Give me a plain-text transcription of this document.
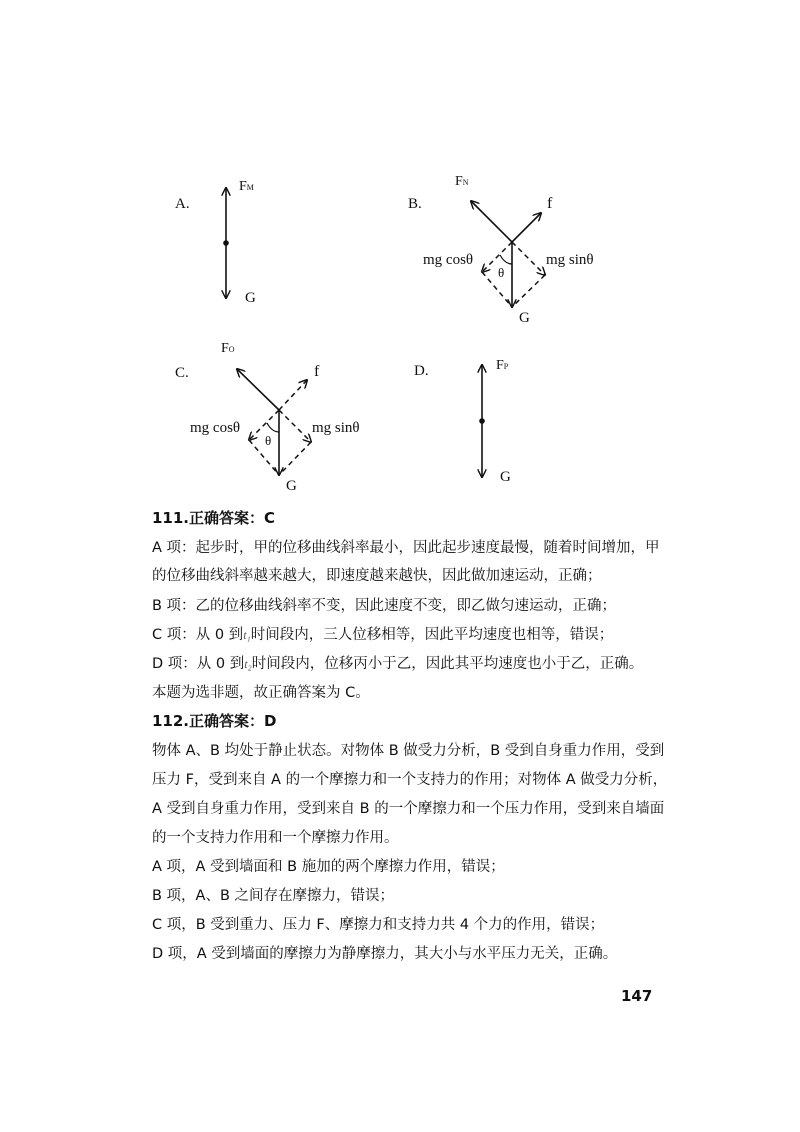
A.
FM
G
B.
FN
f
mg cosθ	mg sinθ
θ
G
C.
FO
f
mg cosθ	mg sinθ
θ
G
D.	FP
G
111.正确答案：C
A 项：起步时，甲的位移曲线斜率最小，因此起步速度最慢，随着时间增加，甲
的位移曲线斜率越来越大，即速度越来越快，因此做加速运动，正确；
B 项：乙的位移曲线斜率不变，因此速度不变，即乙做匀速运动，正确；
C 项：从 0 到t₁时间段内，三人位移相等，因此平均速度也相等，错误；
D 项：从 0 到t₂时间段内，位移丙小于乙，因此其平均速度也小于乙，正确。
本题为选非题，故正确答案为 C。
112.正确答案：D
物体 A、B 均处于静止状态。对物体 B 做受力分析，B 受到自身重力作用，受到
压力 F，受到来自 A 的一个摩擦力和一个支持力的作用；对物体 A 做受力分析，
A 受到自身重力作用，受到来自 B 的一个摩擦力和一个压力作用，受到来自墙面
的一个支持力作用和一个摩擦力作用。
A 项，A 受到墙面和 B 施加的两个摩擦力作用，错误；
B 项，A、B 之间存在摩擦力，错误；
C 项，B 受到重力、压力 F、摩擦力和支持力共 4 个力的作用，错误；
D 项，A 受到墙面的摩擦力为静摩擦力，其大小与水平压力无关，正确。
147
